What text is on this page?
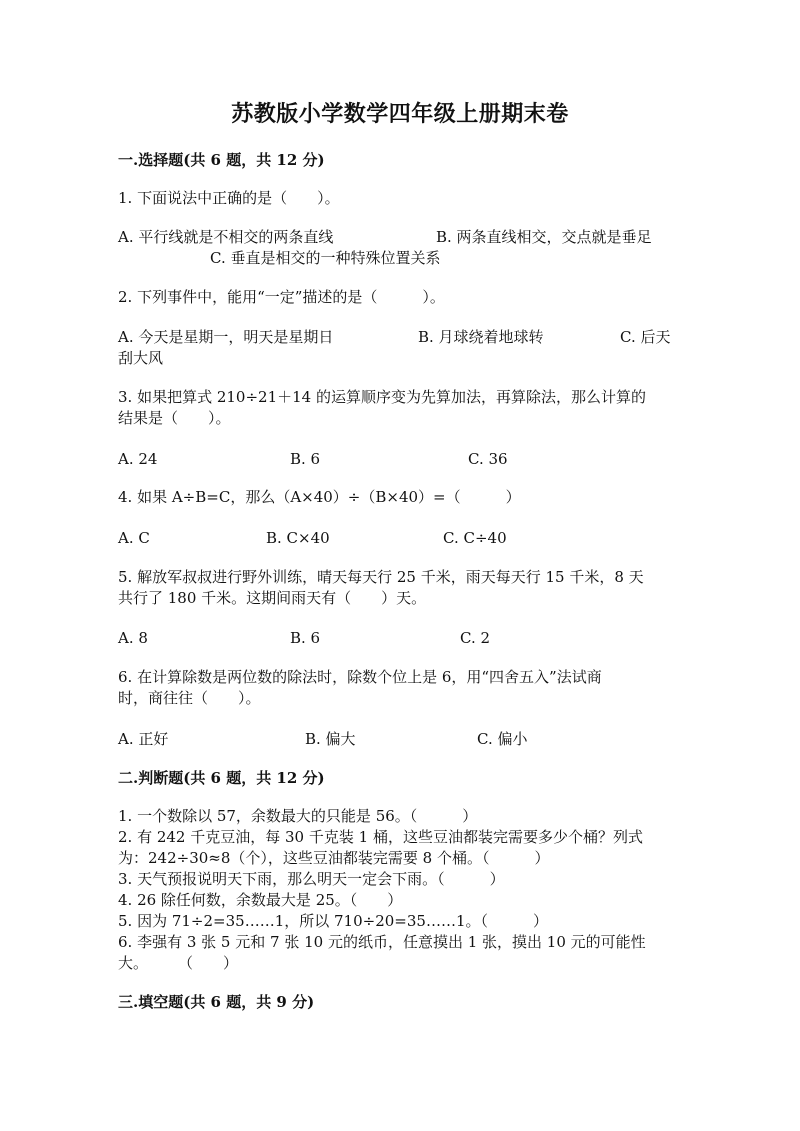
苏教版小学数学四年级上册期末卷
一.选择题(共 6 题，共 12 分)
1. 下面说法中正确的是（　　）。
A. 平行线就是不相交的两条直线	B. 两条直线相交，交点就是垂足
C. 垂直是相交的一种特殊位置关系
2. 下列事件中，能用“一定”描述的是（　　　）。
A. 今天是星期一，明天是星期日	B. 月球绕着地球转	C. 后天
刮大风
3. 如果把算式 210÷21＋14 的运算顺序变为先算加法，再算除法，那么计算的
结果是（　　）。
A. 24	B. 6	C. 36
4. 如果 A÷B=C，那么（A×40）÷（B×40）=（　　　）
A. C	B. C×40	C. C÷40
5. 解放军叔叔进行野外训练，晴天每天行 25 千米，雨天每天行 15 千米，8 天
共行了 180 千米。这期间雨天有（　　）天。
A. 8	B. 6	C. 2
6. 在计算除数是两位数的除法时，除数个位上是 6，用“四舍五入”法试商
时，商往往（　　）。
A. 正好	B. 偏大	C. 偏小
二.判断题(共 6 题，共 12 分)
1. 一个数除以 57，余数最大的只能是 56。（　　　）
2. 有 242 千克豆油，每 30 千克装 1 桶，这些豆油都装完需要多少个桶？列式
为：242÷30≈8（个），这些豆油都装完需要 8 个桶。（　　　）
3. 天气预报说明天下雨，那么明天一定会下雨。（　　　）
4. 26 除任何数，余数最大是 25。（　　）
5. 因为 71÷2=35……1，所以 710÷20=35……1。（　　　）
6. 李强有 3 张 5 元和 7 张 10 元的纸币，任意摸出 1 张，摸出 10 元的可能性
大。　　　（　　）
三.填空题(共 6 题，共 9 分)
